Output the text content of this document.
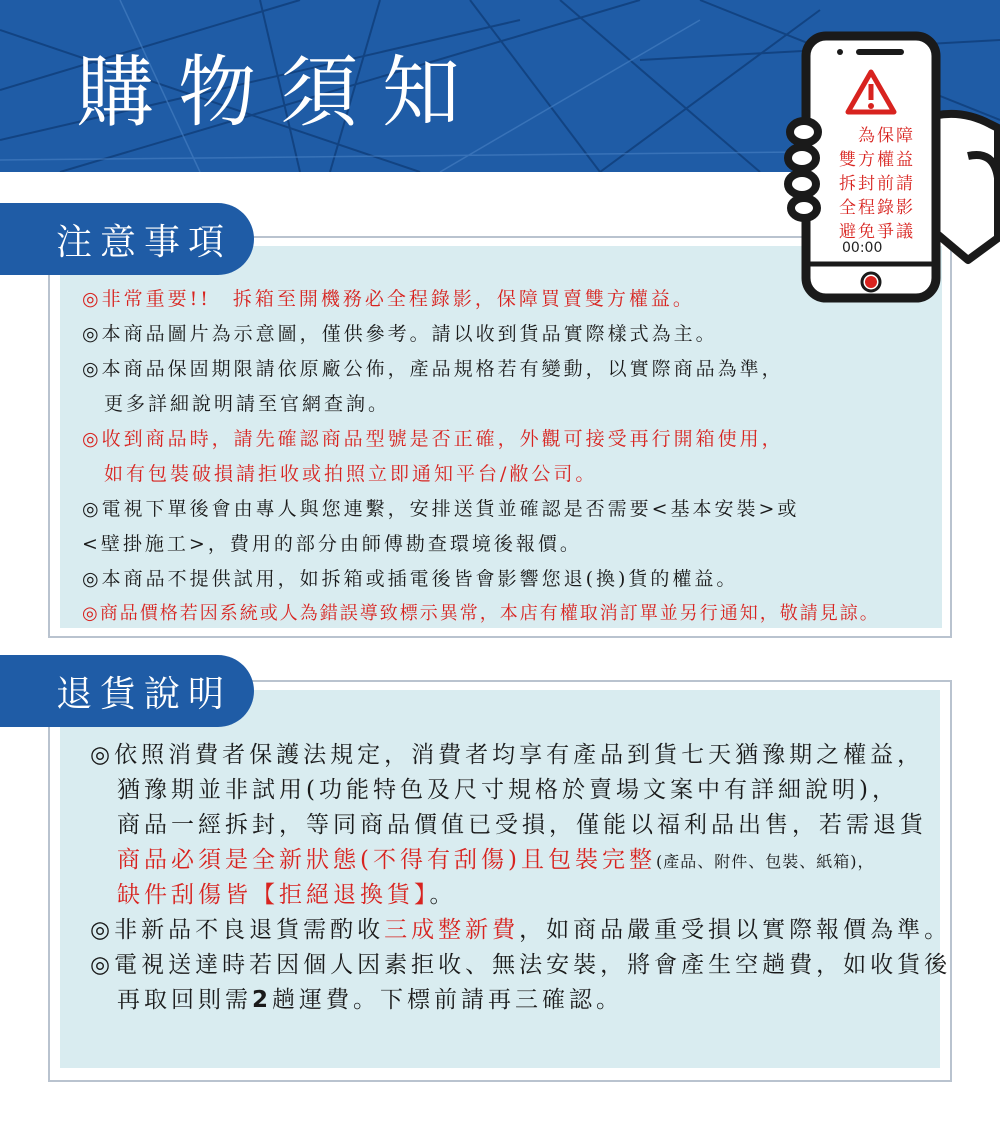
購物須知
◎非常重要!!　拆箱至開機務必全程錄影，保障買賣雙方權益。
◎本商品圖片為示意圖，僅供參考。請以收到貨品實際樣式為主。
◎本商品保固期限請依原廠公佈，產品規格若有變動，以實際商品為準，
　更多詳細說明請至官網查詢。
◎收到商品時，請先確認商品型號是否正確，外觀可接受再行開箱使用，
　如有包裝破損請拒收或拍照立即通知平台/敝公司。
◎電視下單後會由專人與您連繫，安排送貨並確認是否需要<基本安裝>或
<壁掛施工>，費用的部分由師傅勘查環境後報價。
◎本商品不提供試用，如拆箱或插電後皆會影響您退(換)貨的權益。
◎商品價格若因系統或人為錯誤導致標示異常，本店有權取消訂單並另行通知，敬請見諒。
注意事項
◎依照消費者保護法規定，消費者均享有產品到貨七天猶豫期之權益，
　猶豫期並非試用(功能特色及尺寸規格於賣場文案中有詳細說明)，
　商品一經拆封，等同商品價值已受損，僅能以福利品出售，若需退貨
　商品必須是全新狀態(不得有刮傷)且包裝完整(產品、附件、包裝、紙箱)，
　缺件刮傷皆【拒絕退換貨】。
◎非新品不良退貨需酌收三成整新費，如商品嚴重受損以實際報價為準。
◎電視送達時若因個人因素拒收、無法安裝，將會產生空趟費，如收貨後
　再取回則需2趟運費。下標前請再三確認。
退貨說明
為保障
雙方權益
拆封前請
全程錄影
避免爭議
00:00
